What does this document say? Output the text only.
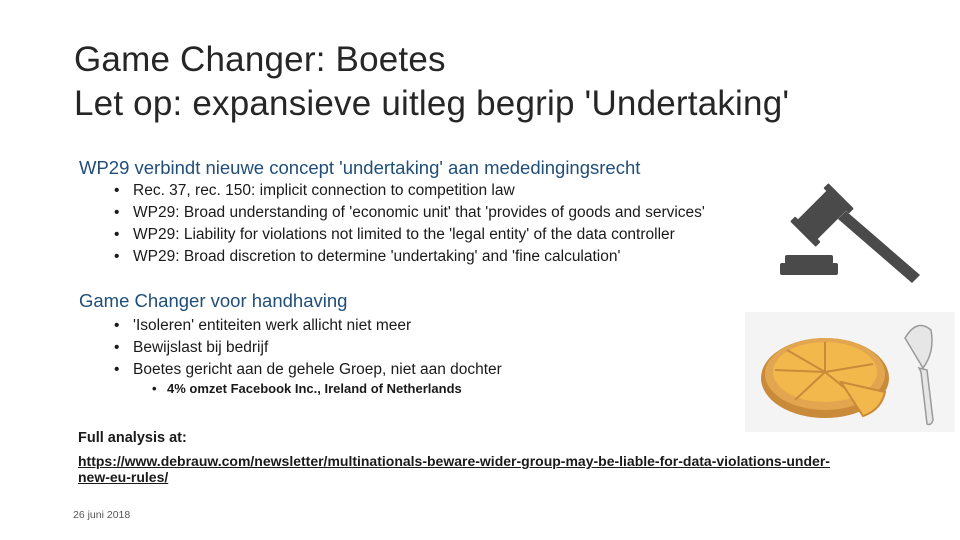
Game Changer: Boetes
Let op: expansieve uitleg begrip 'Undertaking'
WP29 verbindt nieuwe concept 'undertaking' aan mededingingsrecht
• Rec. 37, rec. 150: implicit connection to competition law
• WP29: Broad understanding of 'economic unit' that 'provides of goods and services'
• WP29: Liability for violations not limited to the 'legal entity' of the data controller
• WP29: Broad discretion to determine 'undertaking' and 'fine calculation'
Game Changer voor handhaving
• 'Isoleren' entiteiten werk allicht niet meer
• Bewijslast bij bedrijf
• Boetes gericht aan de gehele Groep, niet aan dochter
• 4% omzet Facebook Inc., Ireland of Netherlands
Full analysis at:
https://www.debrauw.com/newsletter/multinationals-beware-wider-group-may-be-liable-for-data-violations-under-new-eu-rules/
26 juni 2018
